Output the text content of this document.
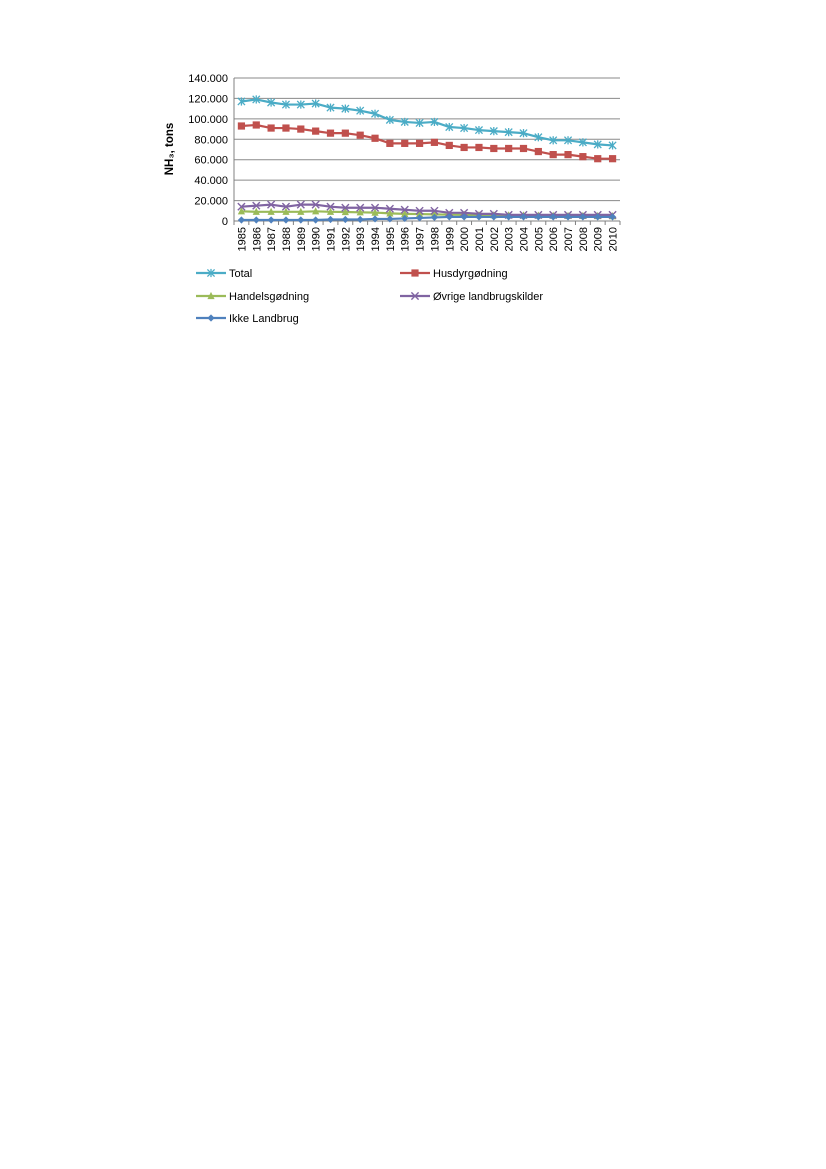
0
20.000
40.000
60.000
80.000
100.000
120.000
140.000
1985 1986 1987 1988 1989 1990 1991 1992 1993 1994 1995 1996 1997 1998 1999 2000 2001 2002 2003 2004 2005 2006 2007 2008 2009 2010
Total	Husdyrgødning
Handelsgødning	Øvrige landbrugskilder
Ikke Landbrug
NH₃, tons
